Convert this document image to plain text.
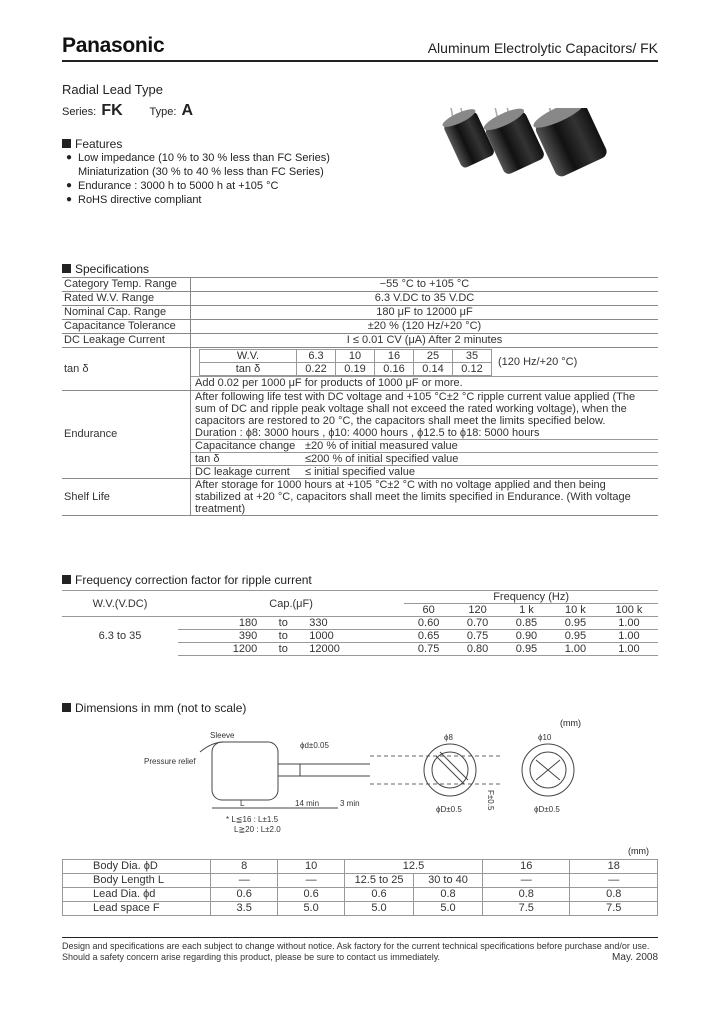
Panasonic	Aluminum Electrolytic Capacitors/ FK
Radial Lead Type
Series: FK Type: A
Features
● Low impedance (10 % to 30 % less than FC Series)
Miniaturization (30 % to 40 % less than FC Series)
● Endurance : 3000 h to 5000 h at +105 °C
● RoHS directive compliant
Specifications
Category Temp. Range	−55 °C to +105 °C
Rated W.V. Range	6.3 V.DC to 35 V.DC
Nominal Cap. Range	180 μF to 12000 μF
Capacitance Tolerance	±20 % (120 Hz/+20 °C)
DC Leakage Current	I ≤ 0.01 CV (μA) After 2 minutes
tan δ	
W.V.	6.3	10	16	25	35
tan δ	0.22	0.19	0.16	0.14	0.12
(120 Hz/+20 °C)
Add 0.02 per 1000 μF for products of 1000 μF or more.

Endurance	
After following life test with DC voltage and +105 °C±2 °C ripple current value applied (The sum of DC and ripple peak voltage shall not exceed the rated working voltage), when the capacitors are restored to 20 °C, the capacitors shall meet the limits specified below.
Duration : ϕ8: 3000 hours , ϕ10: 4000 hours , ϕ12.5 to ϕ18: 5000 hours
Capacitance change ±20 % of initial measured value
tan δ	≤200 % of initial specified value
DC leakage current ≤ initial specified value

Shelf Life	After storage for 1000 hours at +105 °C±2 °C with no voltage applied and then being stabilized at +20 °C, capacitors shall meet the limits specified in Endurance. (With voltage treatment)
Frequency correction factor for ripple current
W.V.(V.DC)	Cap.(μF)			Frequency (Hz)				
				60	120	1 k	10 k	100 k
6.3 to 35	180	to	330	0.60	0.70	0.85	0.95	1.00
	390	to	1000	0.65	0.75	0.90	0.95	1.00
	1200	to	12000	0.75	0.80	0.95	1.00	1.00
Dimensions in mm (not to scale)
(mm)
Sleeve
Pressure relief
ϕd±0.05
L	14 min	3 min
* L≦16 : L±1.5
L≧20 : L±2.0
ϕ8
ϕD±0.5	F±0.5
ϕ10
ϕD±0.5
(mm)
Body Dia. ϕD	8	10	12.5		16	18
Body Length L	—	—	12.5 to 25	30 to 40	—	—
Lead Dia. ϕd	0.6	0.6	0.6	0.8	0.8	0.8
Lead space F	3.5	5.0	5.0	5.0	7.5	7.5
Design and specifications are each subject to change without notice. Ask factory for the current technical specifications before purchase and/or use.
Should a safety concern arise regarding this product, please be sure to contact us immediately.	May. 2008
